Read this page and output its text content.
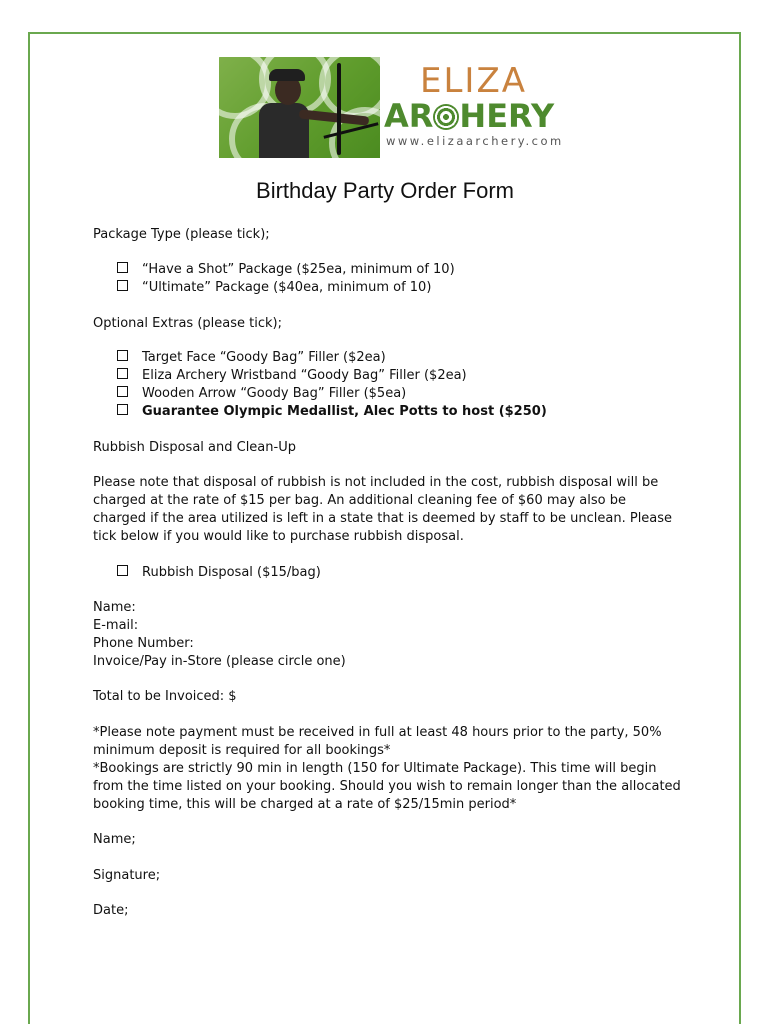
ELIZA
AR HERY
www.elizaarchery.com
Birthday Party Order Form
Package Type (please tick);
“Have a Shot” Package ($25ea, minimum of 10)
“Ultimate” Package ($40ea, minimum of 10)
Optional Extras (please tick);
Target Face “Goody Bag” Filler ($2ea)
Eliza Archery Wristband “Goody Bag” Filler ($2ea)
Wooden Arrow “Goody Bag” Filler ($5ea)
Guarantee Olympic Medallist, Alec Potts to host ($250)
Rubbish Disposal and Clean-Up
Please note that disposal of rubbish is not included in the cost, rubbish disposal will be charged at the rate of $15 per bag. An additional cleaning fee of $60 may also be charged if the area utilized is left in a state that is deemed by staff to be unclean. Please tick below if you would like to purchase rubbish disposal.
Rubbish Disposal ($15/bag)
Name:
E-mail:
Phone Number:
Invoice/Pay in-Store (please circle one)
Total to be Invoiced: $
*Please note payment must be received in full at least 48 hours prior to the party, 50% minimum deposit is required for all bookings*
*Bookings are strictly 90 min in length (150 for Ultimate Package). This time will begin from the time listed on your booking. Should you wish to remain longer than the allocated booking time, this will be charged at a rate of $25/15min period*
Name;
Signature;
Date;
